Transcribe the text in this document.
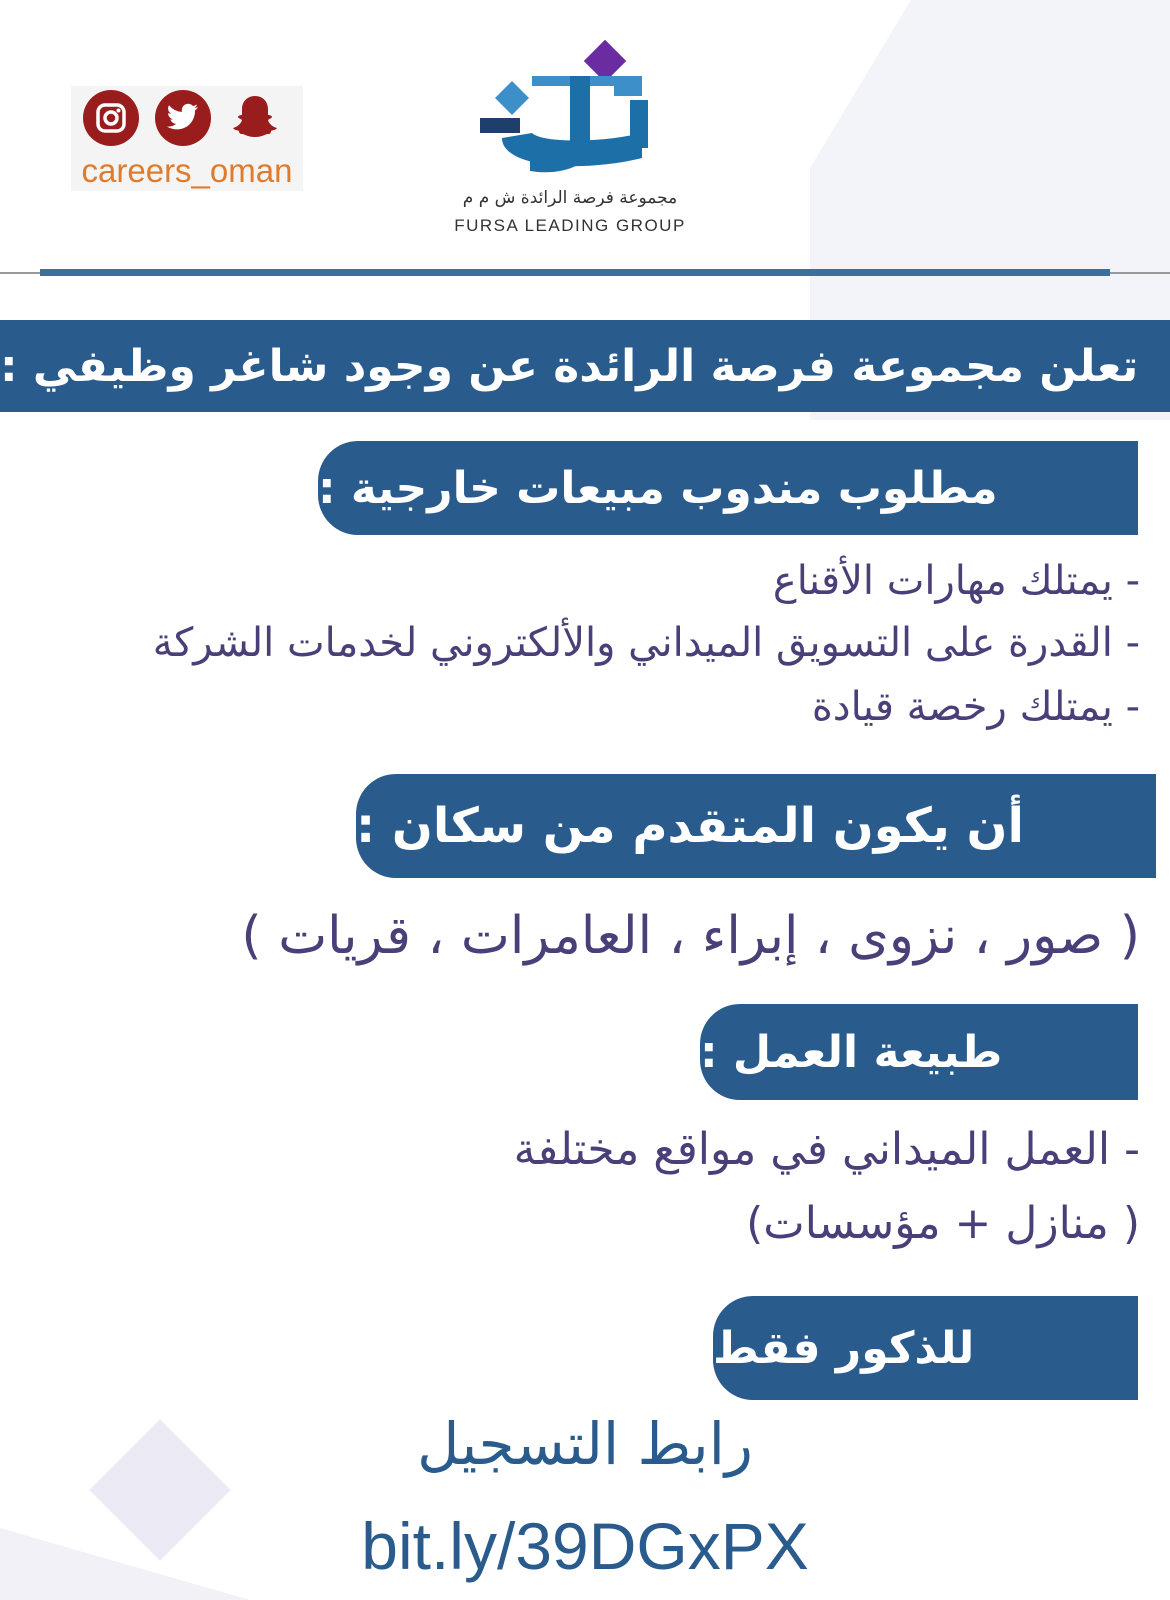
careers_oman
مجموعة فرصة الرائدة ش م م
FURSA LEADING GROUP
تعلن مجموعة فرصة الرائدة عن وجود شاغر وظيفي :
مطلوب مندوب مبيعات خارجية :
- يمتلك مهارات الأقناع
- القدرة على التسويق الميداني والألكتروني لخدمات الشركة
- يمتلك رخصة قيادة
أن يكون المتقدم من سكان :
( صور ، نزوى ، إبراء ، العامرات ، قريات )
طبيعة العمل :
- العمل الميداني في مواقع مختلفة
( منازل + مؤسسات)
للذكور فقط
رابط التسجيل
bit.ly/39DGxPX
